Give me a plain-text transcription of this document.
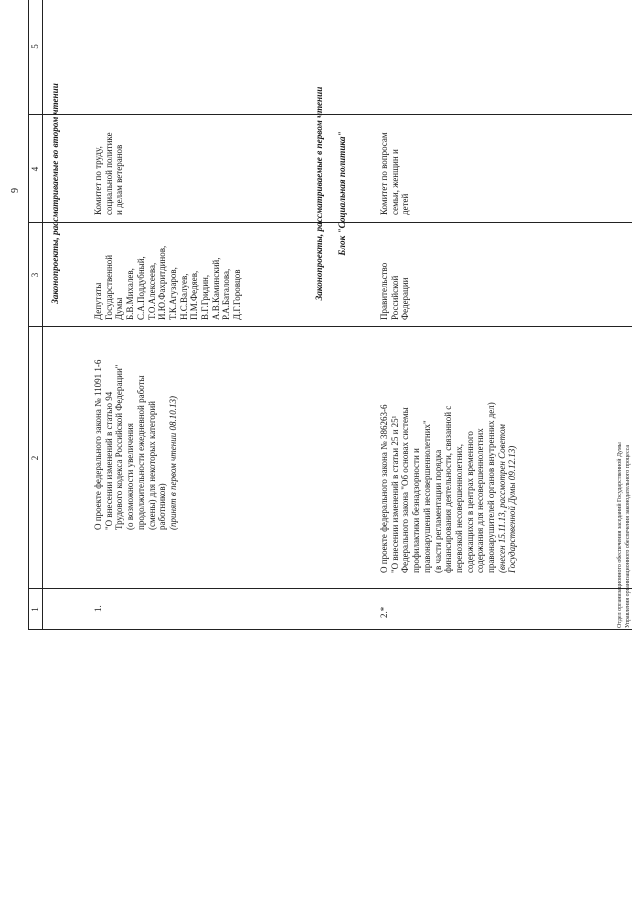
9
1
2
3
4
5
Законопроекты, рассматриваемые во втором чтении
1.
О проекте федерального закона № 11091 1-6 "О внесении изменений в статью 94 Трудового кодекса Российской Федерации" (о возможности увеличения продолжительности ежедневной работы (смены) для некоторых категорий работников) (принят в первом чтении 08.10.13)
Депутаты Государственной Думы Б.В.Михалев, С.А.Поддубный, Т.О.Алексеева, И.Ю.Фахритдинов, Т.К.Агузаров, Н.С.Валуев, П.М.Федяев, В.Г.Гридин, А.В.Каминский, Р.А.Баталова, Д.Г.Горовцов
Комитет по труду, социальной политике и делам ветеранов	Законопроекты, рассматриваемые в первом чтении Блок "Социальная политика"
2.*
О проекте федерального закона № 386263-6 "О внесении изменений в статьи 25 и 25¹ Федерального закона "Об основах системы профилактики безнадзорности и правонарушений несовершеннолетних" (в части регламентации порядка финансирования деятельности, связанной с перевозкой несовершеннолетних, содержащихся в центрах временного содержания для несовершеннолетних правонарушителей органов внутренних дел) (внесен 15.11.13, рассмотрен Советом Государственной Думы 09.12.13)
Правительство Российской Федерации
Комитет по вопросам семьи, женщин и детей
Отдел организационного обеспечения заседаний Государственной Думы Управления организационного обеспечения законодательного процесса
